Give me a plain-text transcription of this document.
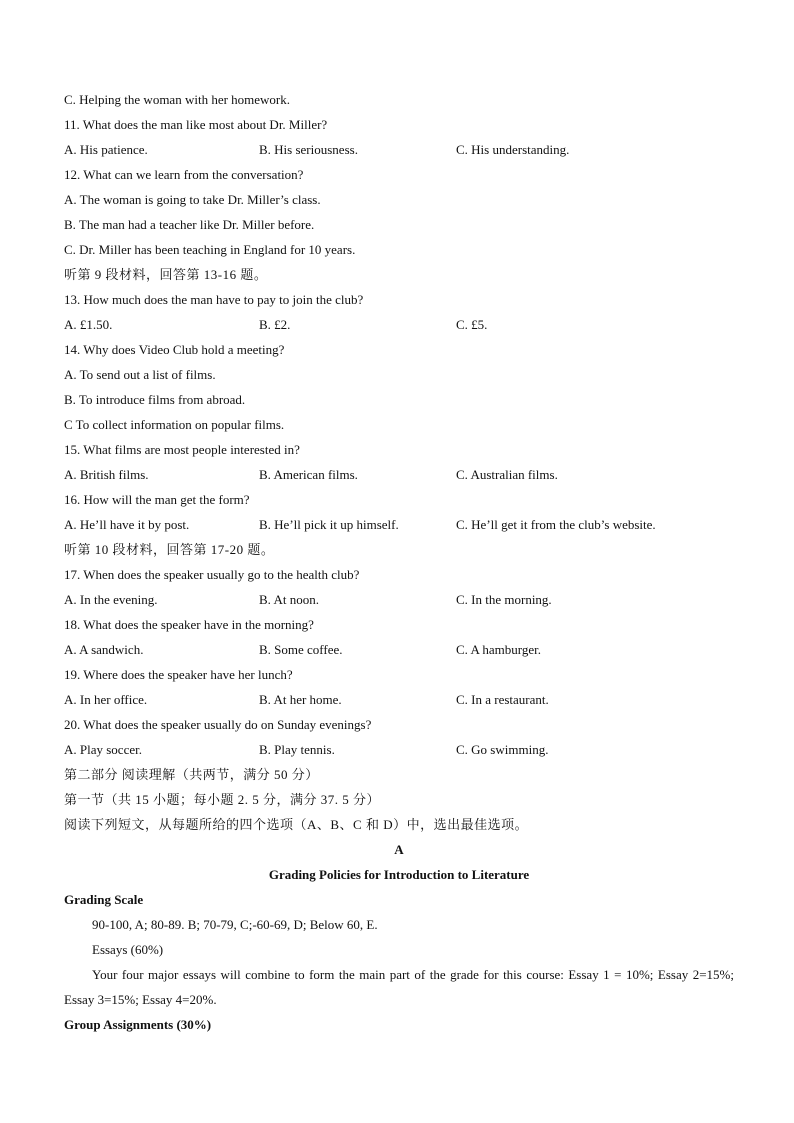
C. Helping the woman with her homework.
11. What does the man like most about Dr. Miller?
A. His patience.	B. His seriousness.	C. His understanding.
12. What can we learn from the conversation?
A. The woman is going to take Dr. Miller’s class.
B. The man had a teacher like Dr. Miller before.
C. Dr. Miller has been teaching in England for 10 years.
听第 9 段材料，回答第 13-16 题。
13. How much does the man have to pay to join the club?
A. £1.50.	B. £2.	C. £5.
14. Why does Video Club hold a meeting?
A. To send out a list of films.
B. To introduce films from abroad.
C To collect information on popular films.
15. What films are most people interested in?
A. British films.	B. American films.	C. Australian films.
16. How will the man get the form?
A. He’ll have it by post.	B. He’ll pick it up himself.	C. He’ll get it from the club’s website.
听第 10 段材料，回答第 17-20 题。
17. When does the speaker usually go to the health club?
A. In the evening.	B. At noon.	C. In the morning.
18. What does the speaker have in the morning?
A. A sandwich.	B. Some coffee.	C. A hamburger.
19. Where does the speaker have her lunch?
A. In her office.	B. At her home.	C. In a restaurant.
20. What does the speaker usually do on Sunday evenings?
A. Play soccer.	B. Play tennis.	C. Go swimming.
第二部分 阅读理解（共两节，满分 50 分）
第一节（共 15 小题；每小题 2. 5 分，满分 37. 5 分）
阅读下列短文，从每题所给的四个选项（A、B、C 和 D）中，选出最佳选项。
A
Grading Policies for Introduction to Literature
Grading Scale
90-100, A; 80-89. B; 70-79, C;-60-69, D; Below 60, E.
Essays (60%)
Your four major essays will combine to form the main part of the grade for this course: Essay 1 = 10%; Essay 2=15%; Essay 3=15%; Essay 4=20%.
Group Assignments (30%)
